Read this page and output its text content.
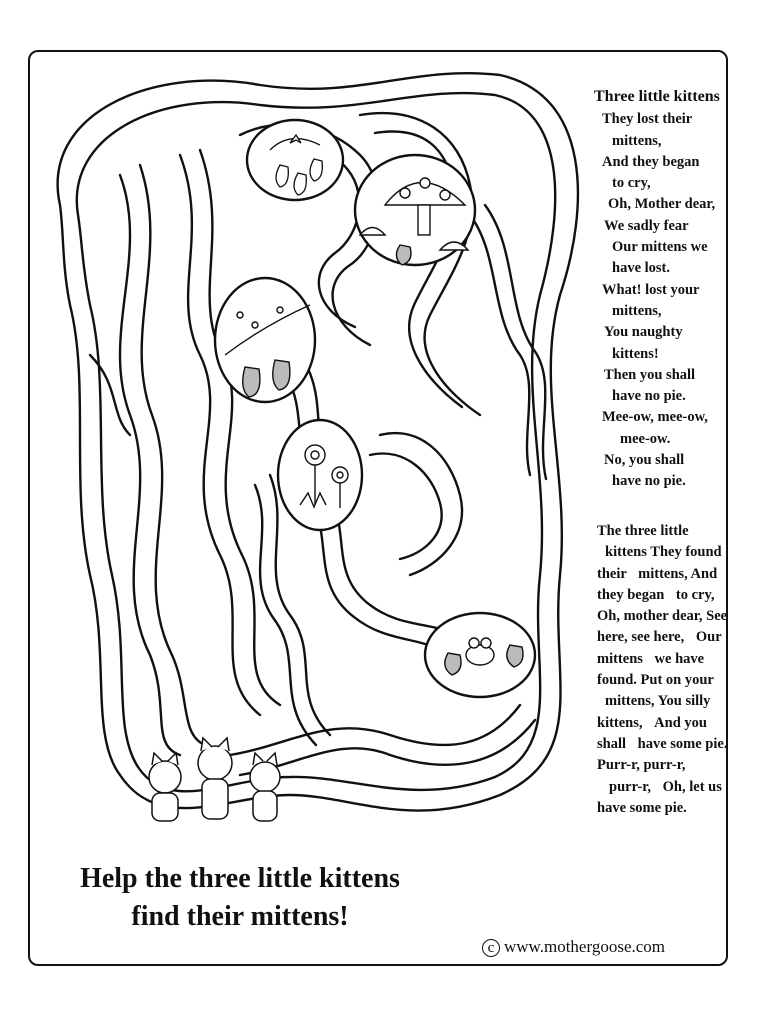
Three little kittens
They lost their
mittens,
And they began
to cry,
Oh, Mother dear,
We sadly fear
Our mittens we
have lost.
What! lost your
mittens,
You naughty
kittens!
Then you shall
have no pie.
Mee-ow, mee-ow,
mee-ow.
No, you shall
have no pie.
The three little kittens They found their mittens, And they began to cry, Oh, mother dear, See here, see here, Our mittens we have found. Put on your mittens, You silly kittens, And you shall have some pie. Purr-r, purr-r, purr-r, Oh, let us have some pie.
Help the three little kittens
find their mittens!
c www.mothergoose.com
